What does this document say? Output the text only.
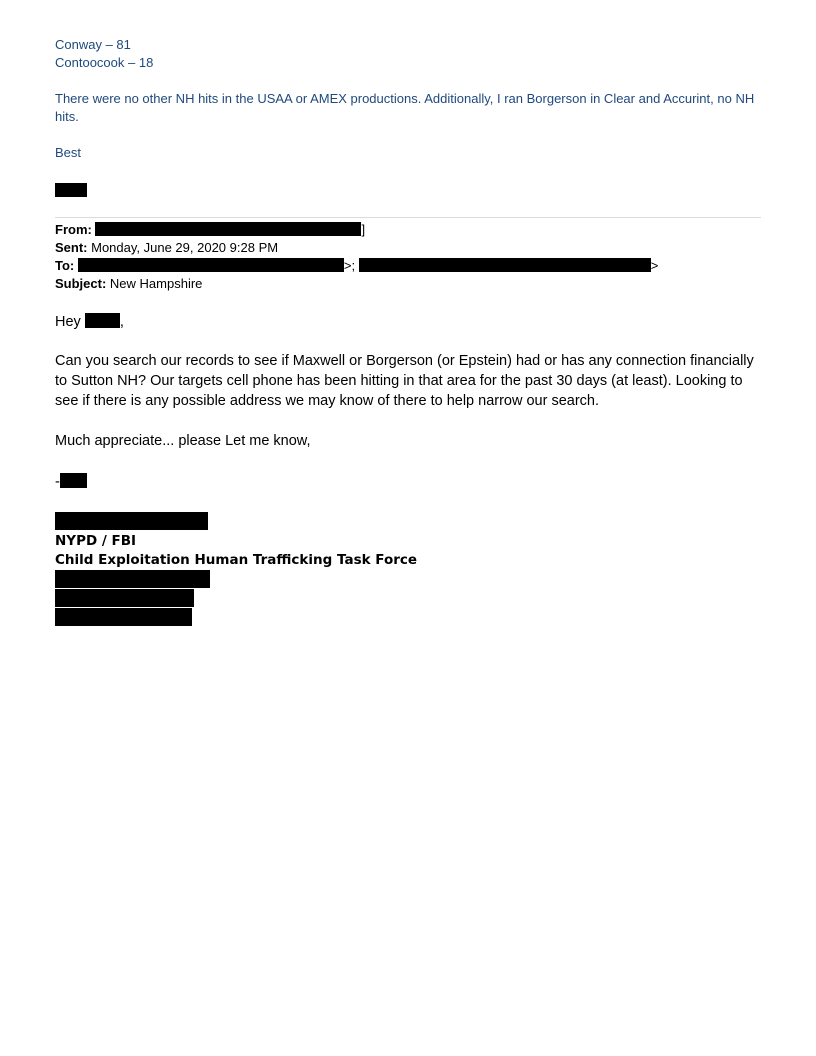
Conway – 81
Contoocook – 18
There were no other NH hits in the USAA or AMEX productions. Additionally, I ran Borgerson in Clear and Accurint, no NH hits.
Best
From:	]
Sent: Monday, June 29, 2020 9:28 PM
To:	>;	>
Subject: New Hampshire
Hey	,
Can you search our records to see if Maxwell or Borgerson (or Epstein) had or has any connection financially to Sutton NH? Our targets cell phone has been hitting in that area for the past 30 days (at least). Looking to see if there is any possible address we may know of there to help narrow our search.
Much appreciate... please Let me know,
-
NYPD / FBI
Child Exploitation Human Trafficking Task Force
